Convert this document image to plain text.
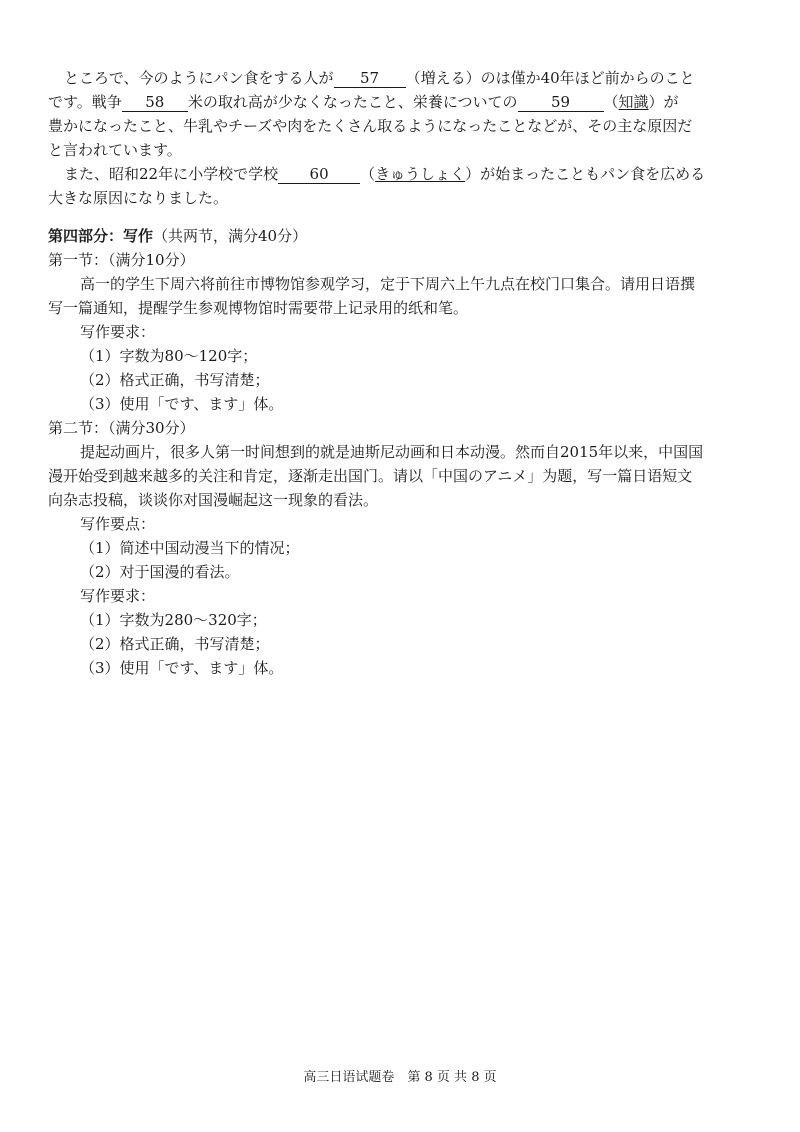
ところで、今のようにパン食をする人が 57 （増える）のは僅か40年ほど前からのこと
です。戦争 58 米の取れ高が少なくなったこと、栄養についての 59 （知識）が
豊かになったこと、牛乳やチーズや肉をたくさん取るようになったことなどが、その主な原因だ
と言われています。
また、昭和22年に小学校で学校 60 （きゅうしょく）が始まったこともパン食を広める
大きな原因になりました。
第四部分：写作（共两节，满分40分）
第一节：（满分10分）
高一的学生下周六将前往市博物馆参观学习，定于下周六上午九点在校门口集合。请用日语撰
写一篇通知，提醒学生参观博物馆时需要带上记录用的纸和笔。
写作要求：
（1）字数为80～120字；
（2）格式正确，书写清楚；
（3）使用「です、ます」体。
第二节：（满分30分）
提起动画片，很多人第一时间想到的就是迪斯尼动画和日本动漫。然而自2015年以来，中国国
漫开始受到越来越多的关注和肯定，逐渐走出国门。请以「中国のアニメ」为题，写一篇日语短文
向杂志投稿，谈谈你对国漫崛起这一现象的看法。
写作要点：
（1）简述中国动漫当下的情况；
（2）对于国漫的看法。
写作要求：
（1）字数为280～320字；
（2）格式正确，书写清楚；
（3）使用「です、ます」体。
高三日语试题卷　第 8 页 共 8 页
